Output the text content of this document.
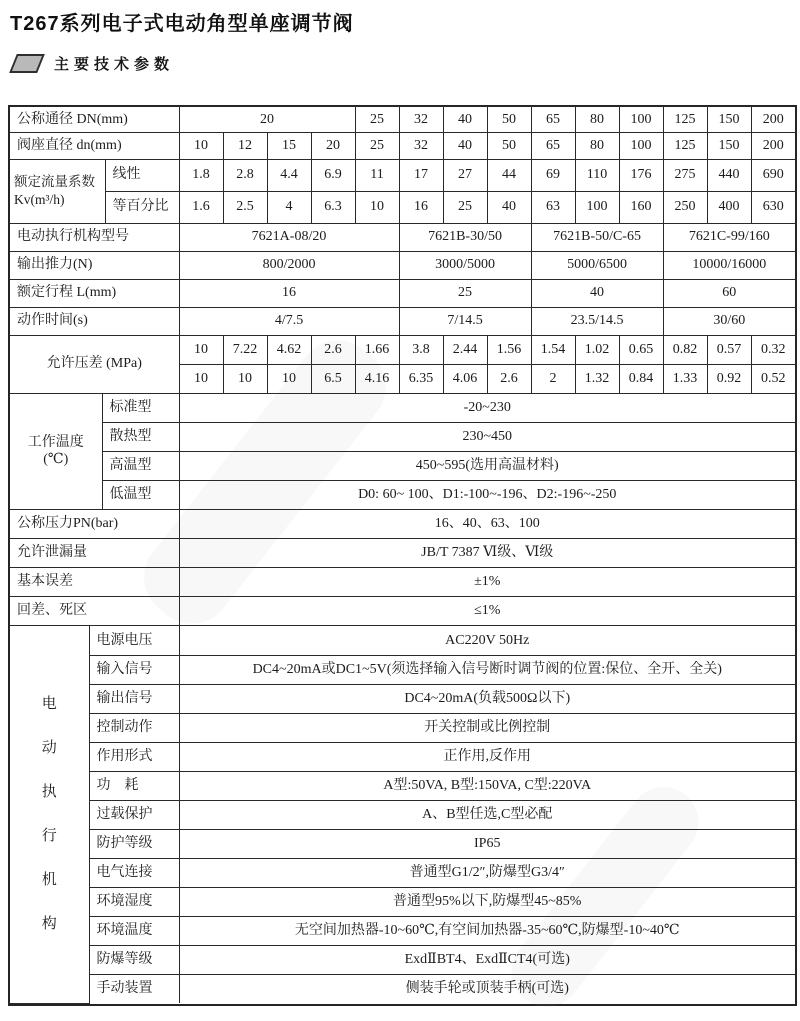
T267系列电子式电动角型单座调节阀
主要技术参数
公称通径 DN(mm)		20				25	32	40	50	65	80	100	125	150	200
阀座直径 dn(mm)		10	12	15	20	25	32	40	50	65	80	100	125	150	200
额定流量系数Kv(m³/h)	线性	1.8	2.8	4.4	6.9	11	17	27	44	69	110	176	275	440	690
	等百分比	1.6	2.5	4	6.3	10	16	25	40	63	100	160	250	400	630
电动执行机构型号		7621A-08/20					7621B-30/50			7621B-50/C-65			7621C-99/160		
输出推力(N)		800/2000					3000/5000			5000/6500			10000/16000		
额定行程 L(mm)		16					25			40			60		
动作时间(s)		4/7.5					7/14.5			23.5/14.5			30/60		
允许压差 (MPa)		10	7.22	4.62	2.6	1.66	3.8	2.44	1.56	1.54	1.02	0.65	0.82	0.57	0.32
		10	10	10	6.5	4.16	6.35	4.06	2.6	2	1.32	0.84	1.33	0.92	0.52
工作温度
(℃)	标准型	-20~230
	散热型	230~450
	高温型	450~595(选用高温材料)
	低温型	D0: 60~ 100、D1:-100~-196、D2:-196~-250
公称压力PN(bar)		16、40、63、100
允许泄漏量		JB/T 7387 Ⅵ级、Ⅵ级
基本误差		±1%
回差、死区		≤1%
电动执行机构	电源电压	AC220V 50Hz
	输入信号	DC4~20mA或DC1~5V(须选择输入信号断时调节阀的位置:保位、全开、全关)
	输出信号	DC4~20mA(负载500Ω以下)
	控制动作	开关控制或比例控制
	作用形式	正作用,反作用
	功　耗	A型:50VA, B型:150VA, C型:220VA
	过载保护	A、B型任选,C型必配
	防护等级	IP65
	电气连接	普通型G1/2″,防爆型G3/4″
	环境湿度	普通型95%以下,防爆型45~85%
	环境温度	无空间加热器-10~60℃,有空间加热器-35~60℃,防爆型-10~40℃
	防爆等级	ExdⅡBT4、ExdⅡCT4(可选)
	手动装置	侧装手轮或顶装手柄(可选)
